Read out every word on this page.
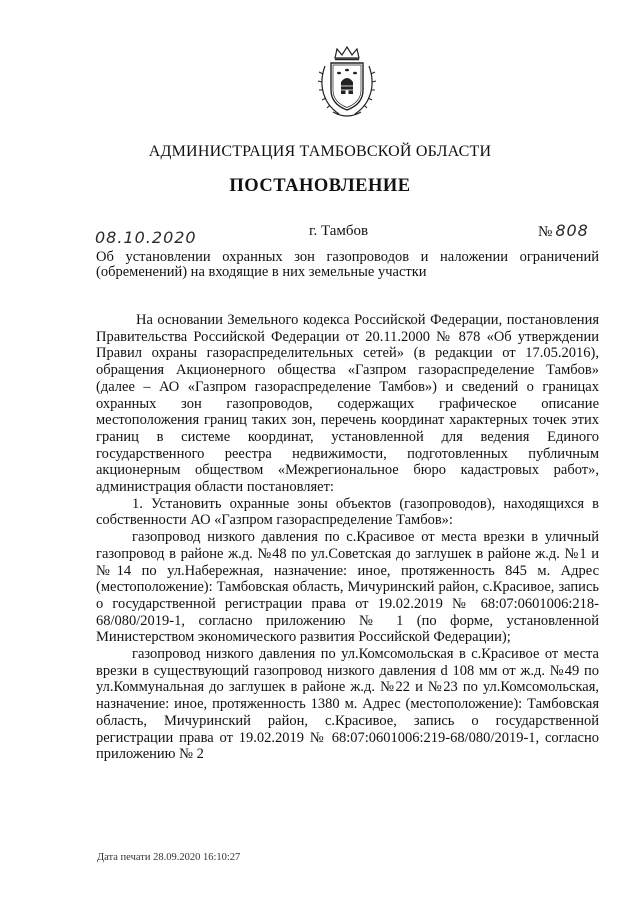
АДМИНИСТРАЦИЯ ТАМБОВСКОЙ ОБЛАСТИ
ПОСТАНОВЛЕНИЕ
08.10.2020	г. Тамбов	№ 808
Об установлении охранных зон газопроводов и наложении ограничений (обременений) на входящие в них земельные участки

На основании Земельного кодекса Российской Федерации, постановления Правительства Российской Федерации от 20.11.2000 № 878 «Об утверждении Правил охраны газораспределительных сетей» (в редакции от 17.05.2016), обращения Акционерного общества «Газпром газораспределение Тамбов» (далее – АО «Газпром газораспределение Тамбов») и сведений о границах охранных зон газопроводов, содержащих графическое описание местоположения границ таких зон, перечень координат характерных точек этих границ в системе координат, установленной для ведения Единого государственного реестра недвижимости, подготовленных публичным акционерным обществом «Межрегиональное бюро кадастровых работ», администрация области постановляет:

1. Установить охранные зоны объектов (газопроводов), находящихся в собственности АО «Газпром газораспределение Тамбов»:

газопровод низкого давления по с.Красивое от места врезки в уличный газопровод в районе ж.д. №48 по ул.Советская до заглушек в районе ж.д. №1 и №14 по ул.Набережная, назначение: иное, протяженность 845 м. Адрес (местоположение): Тамбовская область, Мичуринский район, с.Красивое, запись о государственной регистрации права от 19.02.2019 № 68:07:0601006:218-68/080/2019-1, согласно приложению № 1 (по форме, установленной Министерством экономического развития Российской Федерации);

газопровод низкого давления по ул.Комсомольская в с.Красивое от места врезки в существующий газопровод низкого давления d 108 мм от ж.д. №49 по ул.Коммунальная до заглушек в районе ж.д. №22 и №23 по ул.Комсомольская, назначение: иное, протяженность 1380 м. Адрес (местоположение): Тамбовская область, Мичуринский район, с.Красивое, запись о государственной регистрации права от 19.02.2019 № 68:07:0601006:219-68/080/2019-1, согласно приложению № 2

Дата печати 28.09.2020 16:10:27
